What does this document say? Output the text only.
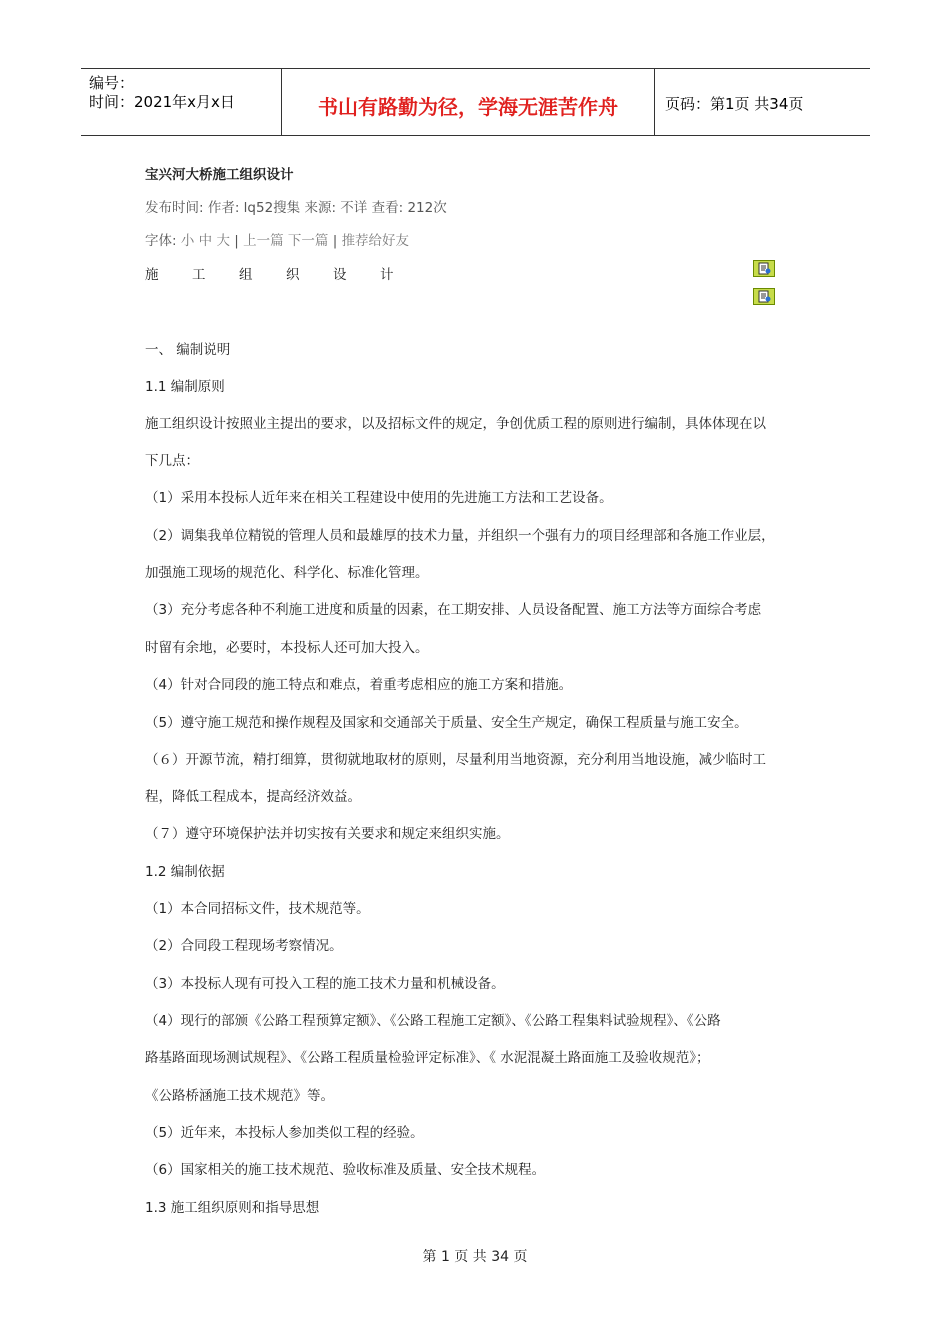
编号：
时间：2021年x月x日	书山有路勤为径，学海无涯苦作舟	页码：第1页 共34页
宝兴河大桥施工组织设计
发布时间: 作者: lq52搜集 来源: 不详 查看: 212次
字体: 小 中 大 | 上一篇 下一篇 | 推荐给好友
施 工 组 织 设 计
一、 编制说明
1.1 编制原则
施工组织设计按照业主提出的要求，以及招标文件的规定，争创优质工程的原则进行编制，具体体现在以
下几点：
（1）采用本投标人近年来在相关工程建设中使用的先进施工方法和工艺设备。
（2）调集我单位精锐的管理人员和最雄厚的技术力量，并组织一个强有力的项目经理部和各施工作业层，
加强施工现场的规范化、科学化、标准化管理。
（3）充分考虑各种不利施工进度和质量的因素，在工期安排、人员设备配置、施工方法等方面综合考虑
时留有余地，必要时，本投标人还可加大投入。
（4）针对合同段的施工特点和难点，着重考虑相应的施工方案和措施。
（5）遵守施工规范和操作规程及国家和交通部关于质量、安全生产规定，确保工程质量与施工安全。
（６）开源节流，精打细算，贯彻就地取材的原则，尽量利用当地资源，充分利用当地设施，减少临时工
程，降低工程成本，提高经济效益。
（７）遵守环境保护法并切实按有关要求和规定来组织实施。
1.2 编制依据
（1）本合同招标文件，技术规范等。
（2）合同段工程现场考察情况。
（3）本投标人现有可投入工程的施工技术力量和机械设备。
（4）现行的部颁《公路工程预算定额》、《公路工程施工定额》、《公路工程集料试验规程》、《公路
路基路面现场测试规程》、《公路工程质量检验评定标准》、《 水泥混凝土路面施工及验收规范》；
《公路桥涵施工技术规范》等。
（5）近年来，本投标人参加类似工程的经验。
（6）国家相关的施工技术规范、验收标准及质量、安全技术规程。
1.3 施工组织原则和指导思想
第 1 页 共 34 页
